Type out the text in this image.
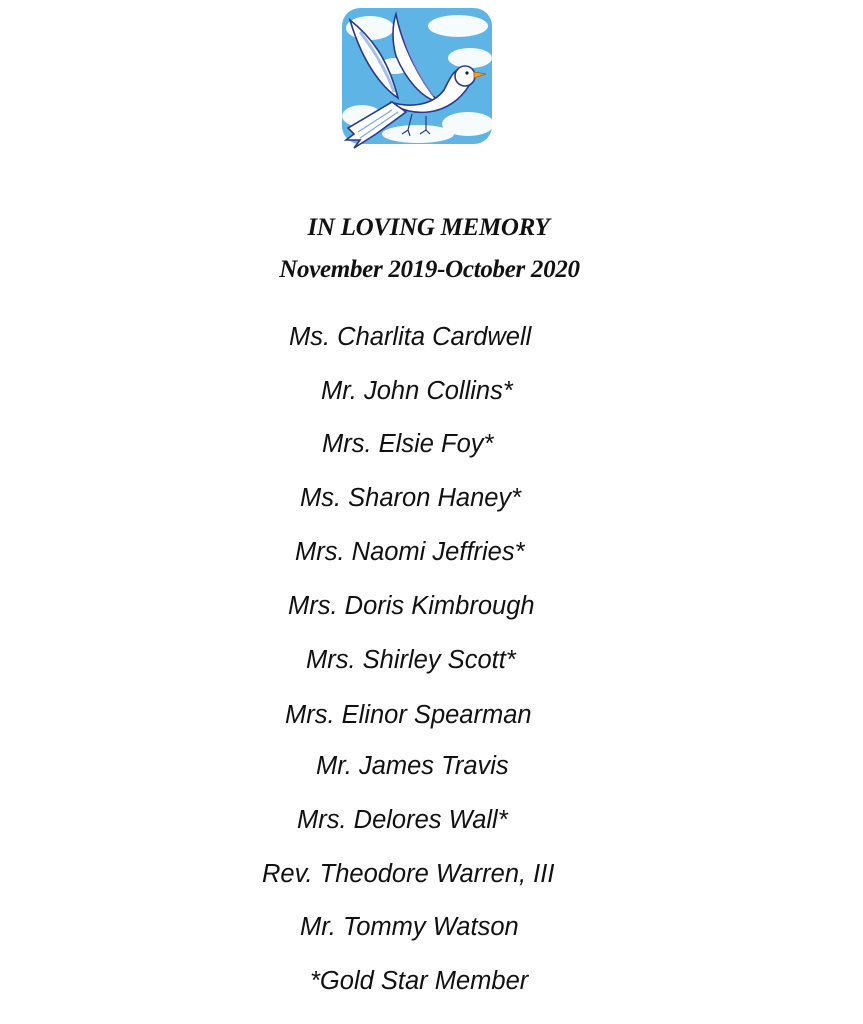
IN LOVING MEMORY
November 2019-October 2020
Ms. Charlita Cardwell
Mr. John Collins*
Mrs. Elsie Foy*
Ms. Sharon Haney*
Mrs. Naomi Jeffries*
Mrs. Doris Kimbrough
Mrs. Shirley Scott*
Mrs. Elinor Spearman
Mr. James Travis
Mrs. Delores Wall*
Rev. Theodore Warren, III
Mr. Tommy Watson
*Gold Star Member
